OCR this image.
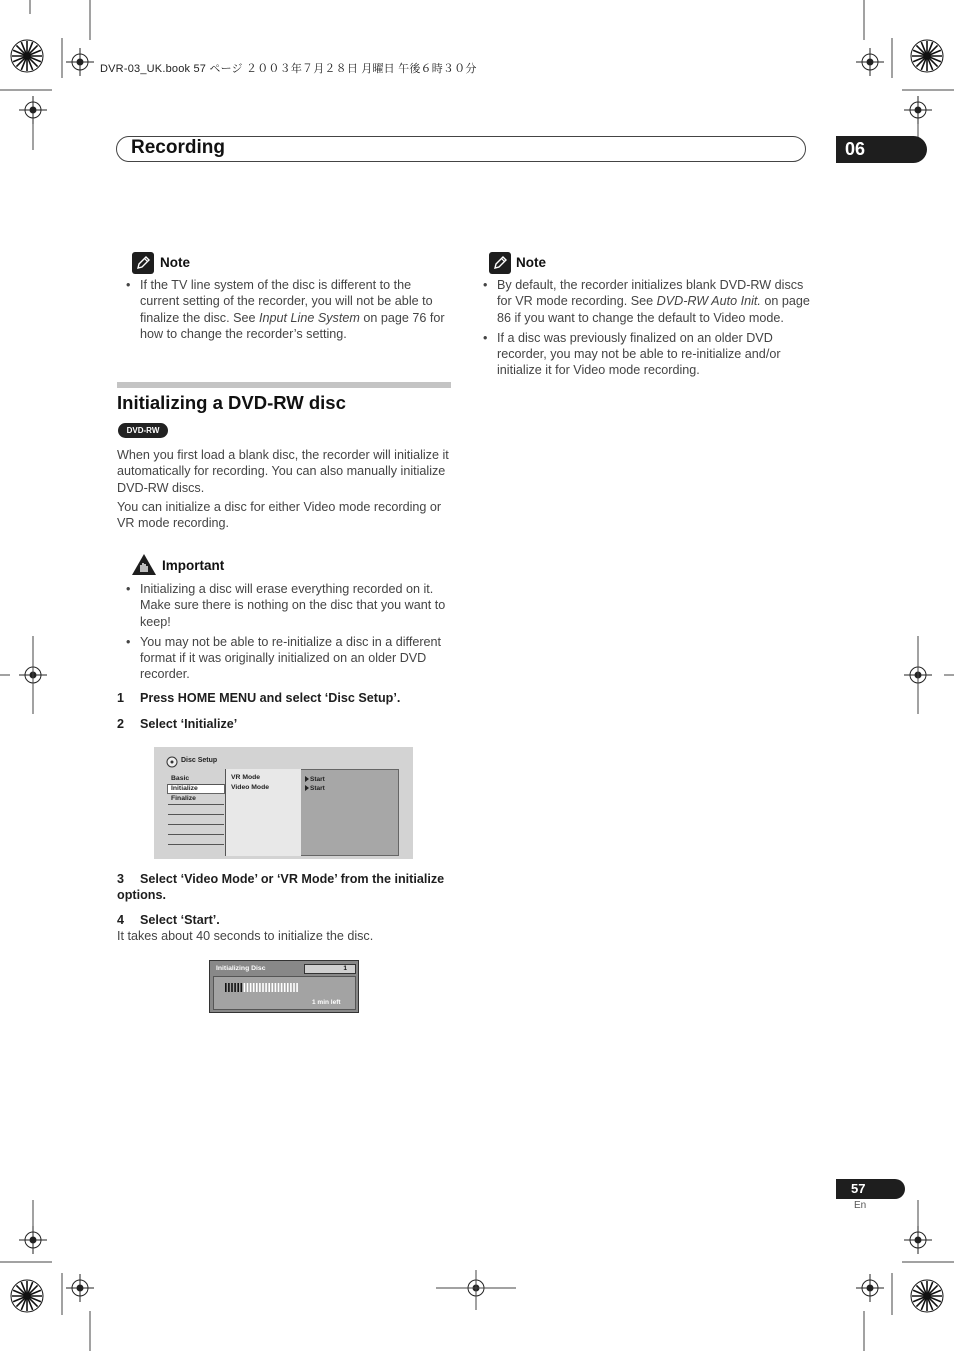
DVR-03_UK.book 57 ページ ２００３年７月２８日 月曜日 午後６時３０分
Recording	06
Note
• If the TV line system of the disc is different to the current setting of the recorder, you will not be able to finalize the disc. See Input Line System on page 76 for how to change the recorder’s setting.
Initializing a DVD-RW disc
DVD-RW
When you first load a blank disc, the recorder will initialize it automatically for recording. You can also manually initialize DVD-RW discs.
You can initialize a disc for either Video mode recording or VR mode recording.
Important
• Initializing a disc will erase everything recorded on it. Make sure there is nothing on the disc that you want to keep!
• You may not be able to re-initialize a disc in a different format if it was originally initialized on an older DVD recorder.
1 Press HOME MENU and select ‘Disc Setup’.
2 Select ‘Initialize’
Disc Setup
Basic
Initialize
Finalize
VR Mode
Video Mode
Start
Start
3 Select ‘Video Mode’ or ‘VR Mode’ from the initialize options.
4 Select ‘Start’.
It takes about 40 seconds to initialize the disc.
Initializing Disc	1
1 min left
Note
• By default, the recorder initializes blank DVD-RW discs for VR mode recording. See DVD-RW Auto Init. on page 86 if you want to change the default to Video mode.
• If a disc was previously finalized on an older DVD recorder, you may not be able to re-initialize and/or initialize it for Video mode recording.
57
En
